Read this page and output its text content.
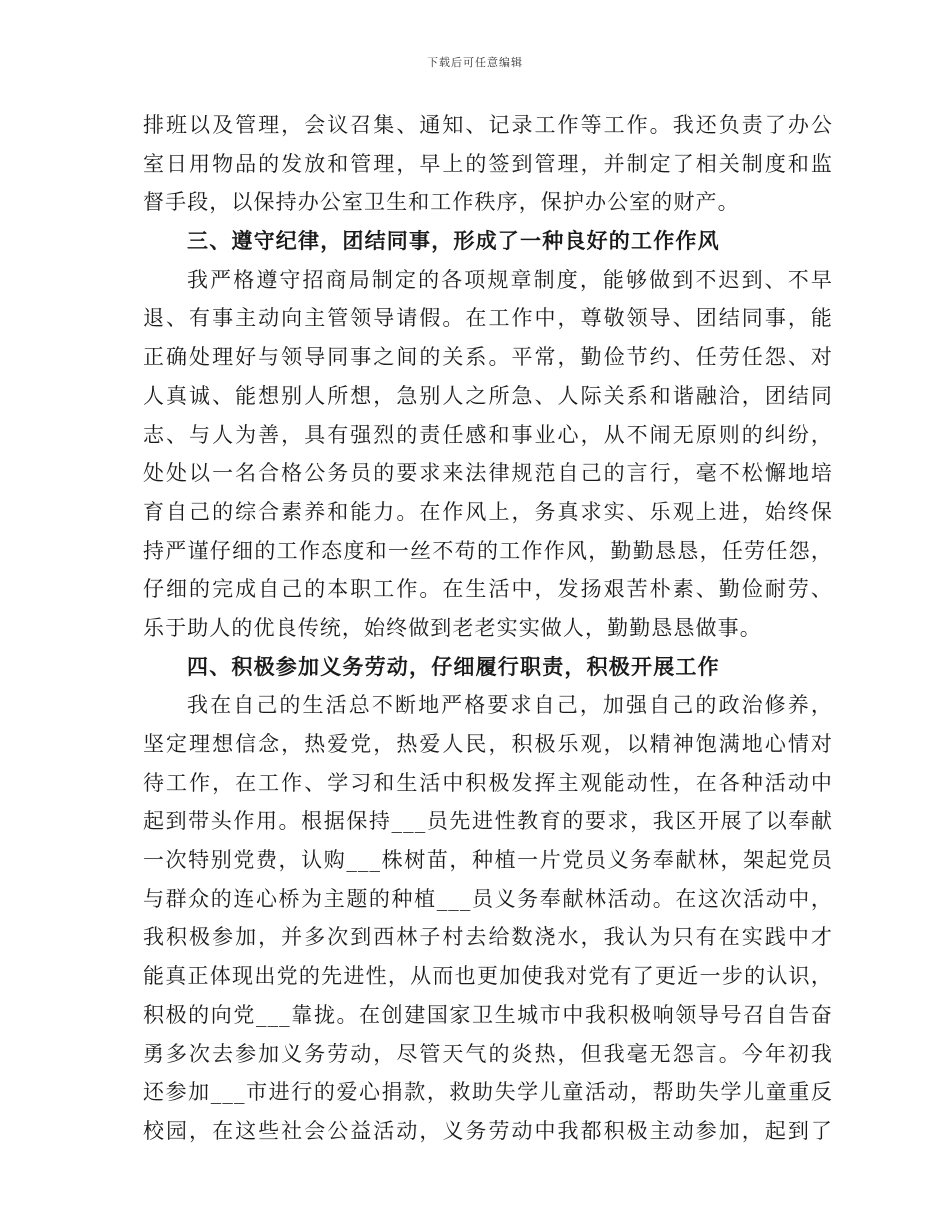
下载后可任意编辑
排班以及管理，会议召集、通知、记录工作等工作。我还负责了办公
室日用物品的发放和管理，早上的签到管理，并制定了相关制度和监
督手段，以保持办公室卫生和工作秩序，保护办公室的财产。
三、遵守纪律，团结同事，形成了一种良好的工作作风
我严格遵守招商局制定的各项规章制度，能够做到不迟到、不早
退、有事主动向主管领导请假。在工作中，尊敬领导、团结同事，能
正确处理好与领导同事之间的关系。平常，勤俭节约、任劳任怨、对
人真诚、能想别人所想，急别人之所急、人际关系和谐融洽，团结同
志、与人为善，具有强烈的责任感和事业心，从不闹无原则的纠纷，
处处以一名合格公务员的要求来法律规范自己的言行，毫不松懈地培
育自己的综合素养和能力。在作风上，务真求实、乐观上进，始终保
持严谨仔细的工作态度和一丝不苟的工作作风，勤勤恳恳，任劳任怨，
仔细的完成自己的本职工作。在生活中，发扬艰苦朴素、勤俭耐劳、
乐于助人的优良传统，始终做到老老实实做人，勤勤恳恳做事。
四、积极参加义务劳动，仔细履行职责，积极开展工作
我在自己的生活总不断地严格要求自己，加强自己的政治修养，
坚定理想信念，热爱党，热爱人民，积极乐观，以精神饱满地心情对
待工作，在工作、学习和生活中积极发挥主观能动性，在各种活动中
起到带头作用。根据保持___员先进性教育的要求，我区开展了以奉献
一次特别党费，认购___株树苗，种植一片党员义务奉献林，架起党员
与群众的连心桥为主题的种植___员义务奉献林活动。在这次活动中，
我积极参加，并多次到西林子村去给数浇水，我认为只有在实践中才
能真正体现出党的先进性，从而也更加使我对党有了更近一步的认识，
积极的向党___靠拢。在创建国家卫生城市中我积极响领导号召自告奋
勇多次去参加义务劳动，尽管天气的炎热，但我毫无怨言。今年初我
还参加___市进行的爱心捐款，救助失学儿童活动，帮助失学儿童重反
校园，在这些社会公益活动，义务劳动中我都积极主动参加，起到了
